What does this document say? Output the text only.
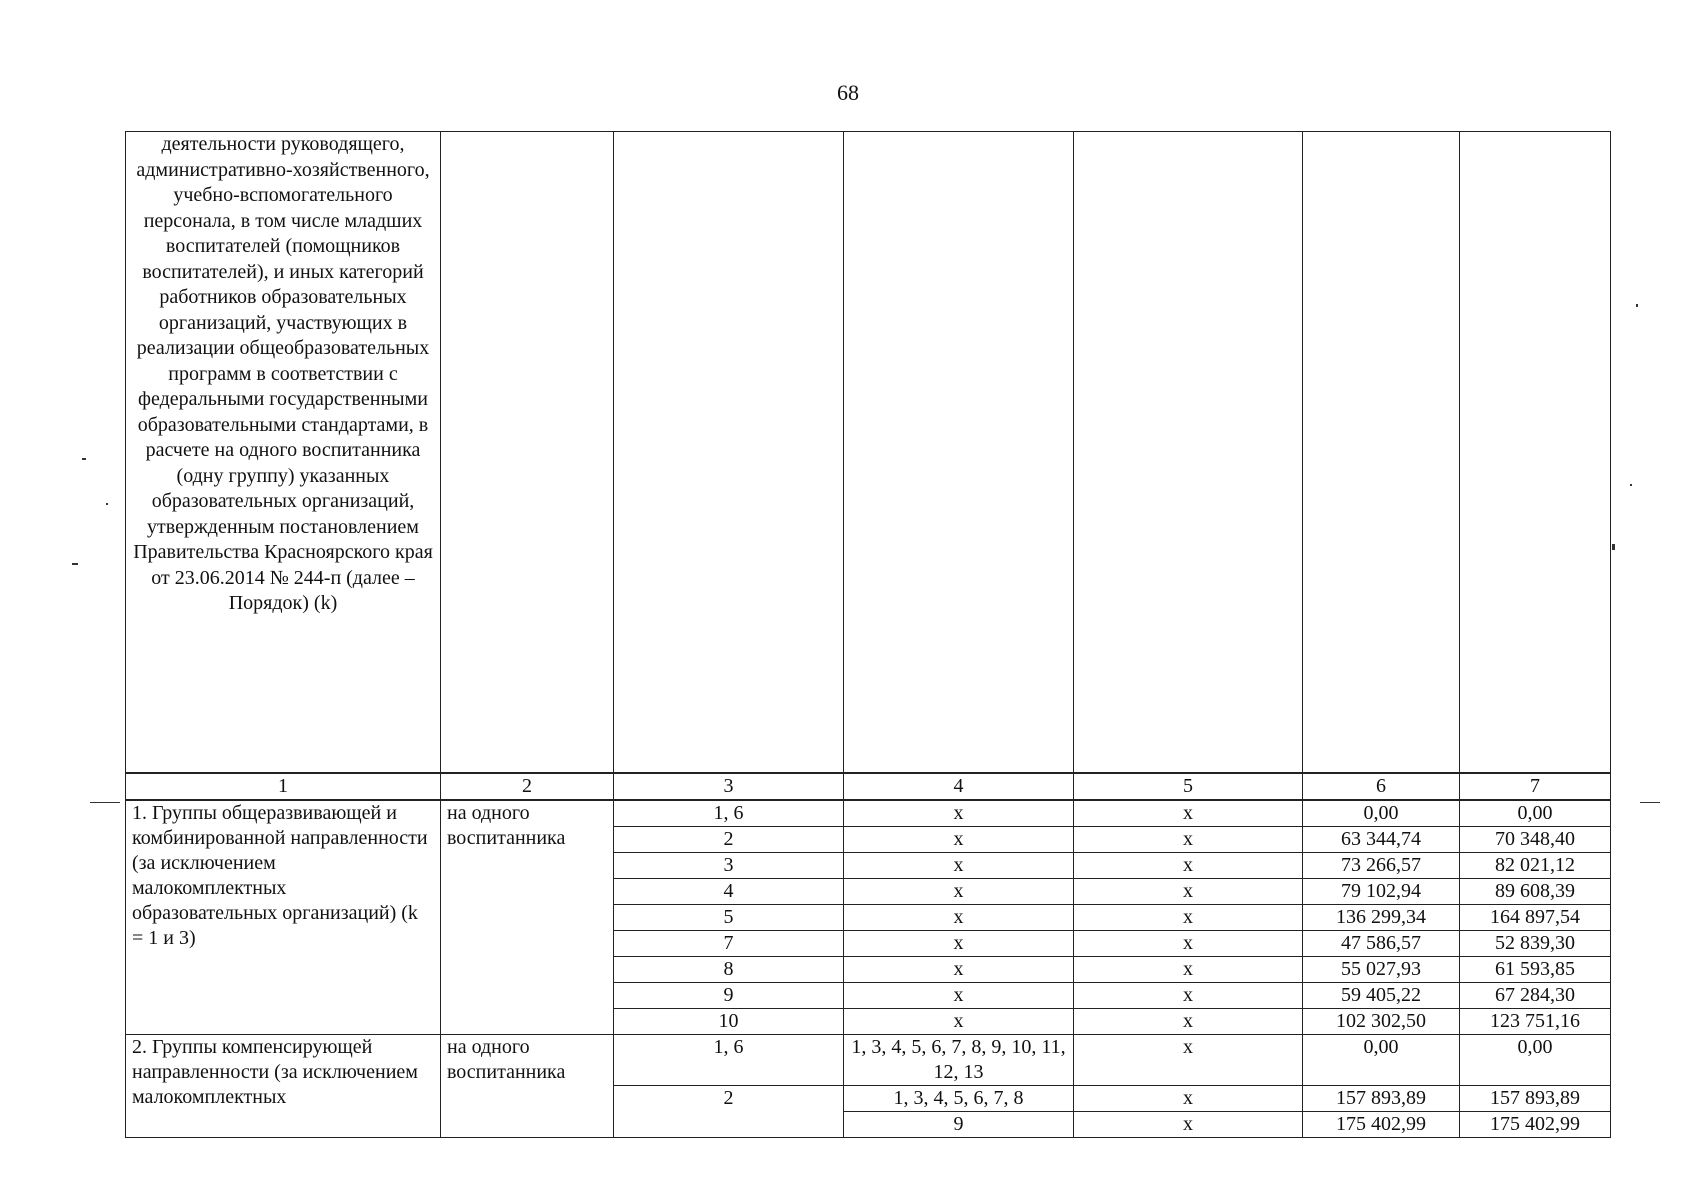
68
деятельности руководящего, административно-хозяйственного, учебно-вспомогательного персонала, в том числе младших воспитателей (помощников воспитателей), и иных категорий работников образовательных организаций, участвующих в реализации общеобразовательных программ в соответствии с федеральными государственными образовательными стандартами, в расчете на одного воспитанника (одну группу) указанных образовательных организаций, утвержденным постановлением Правительства Красноярского края от 23.06.2014 № 244-п (далее – Порядок) (k)						
1	2	3	4	5	6	7
1. Группы общеразвивающей и комбинированной направленности (за исключением малокомплектных образовательных организаций) (k = 1 и 3)	на одного воспитанника	1, 6	x	x	0,00	0,00
		2	x	x	63 344,74	70 348,40
		3	x	x	73 266,57	82 021,12
		4	x	x	79 102,94	89 608,39
		5	x	x	136 299,34	164 897,54
		7	x	x	47 586,57	52 839,30
		8	x	x	55 027,93	61 593,85
		9	x	x	59 405,22	67 284,30
		10	x	x	102 302,50	123 751,16
2. Группы компенсирующей направленности (за исключением малокомплектных	на одного воспитанника	1, 6	1, 3, 4, 5, 6, 7, 8, 9, 10, 11, 12, 13	x	0,00	0,00
		2	1, 3, 4, 5, 6, 7, 8	x	157 893,89	157 893,89
			9	x	175 402,99	175 402,99
